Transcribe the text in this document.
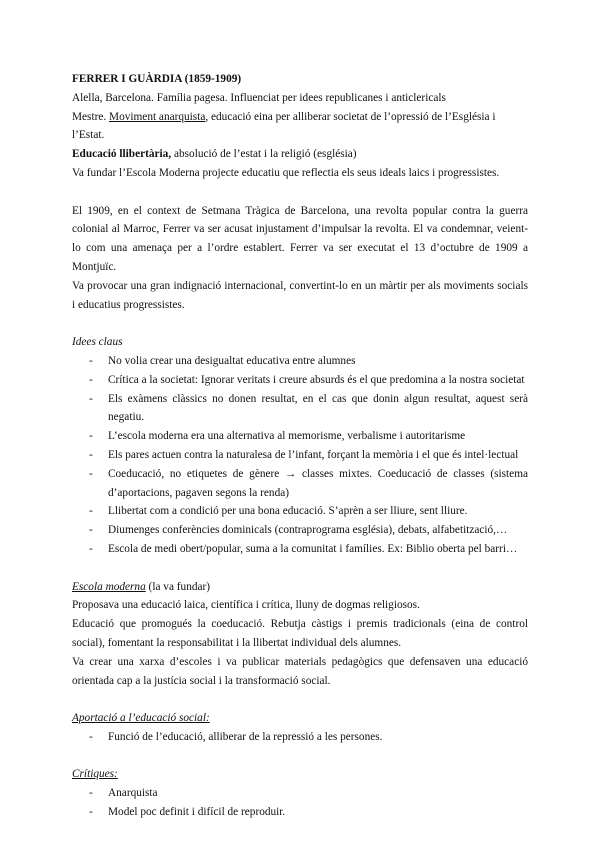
FERRER I GUÀRDIA (1859-1909)

Alella, Barcelona. Família pagesa. Influenciat per idees republicanes i anticlericals

Mestre. Moviment anarquista, educació eina per alliberar societat de l’opressió de l’Església i l’Estat.

Educació llibertària, absolució de l’estat i la religió (església)

Va fundar l’Escola Moderna projecte educatiu que reflectia els seus ideals laics i progressistes.

El 1909, en el context de Setmana Tràgica de Barcelona, una revolta popular contra la guerra colonial al Marroc, Ferrer va ser acusat injustament d’impulsar la revolta. El va condemnar, veient-lo com una amenaça per a l’ordre establert. Ferrer va ser executat el 13 d’octubre de 1909 a Montjuïc.

Va provocar una gran indignació internacional, convertint-lo en un màrtir per als moviments socials i educatius progressistes.

Idees claus

- No volia crear una desigualtat educativa entre alumnes
- Crítica a la societat: Ignorar veritats i creure absurds és el que predomina a la nostra societat
- Els exàmens clàssics no donen resultat, en el cas que donin algun resultat, aquest serà negatiu.
- L’escola moderna era una alternativa al memorisme, verbalisme i autoritarisme
- Els pares actuen contra la naturalesa de l’infant, forçant la memòria i el que és intel·lectual
- Coeducació, no etiquetes de gènere → classes mixtes. Coeducació de classes (sistema d’aportacions, pagaven segons la renda)
- Llibertat com a condició per una bona educació. S’aprèn a ser lliure, sent lliure.
- Diumenges conferències dominicals (contraprograma església), debats, alfabetització,…
- Escola de medi obert/popular, suma a la comunitat i famílies. Ex: Biblio oberta pel barri…

Escola moderna (la va fundar)

Proposava una educació laica, científica i crítica, lluny de dogmas religiosos.

Educació que promogués la coeducació. Rebutja càstigs i premis tradicionals (eina de control social), fomentant la responsabilitat i la llibertat individual dels alumnes.

Va crear una xarxa d’escoles i va publicar materials pedagògics que defensaven una educació orientada cap a la justícia social i la transformació social.

Aportació a l’educació social:

- Funció de l’educació, alliberar de la repressió a les persones.

Crítiques:

- Anarquista
- Model poc definit i difícil de reproduir.
